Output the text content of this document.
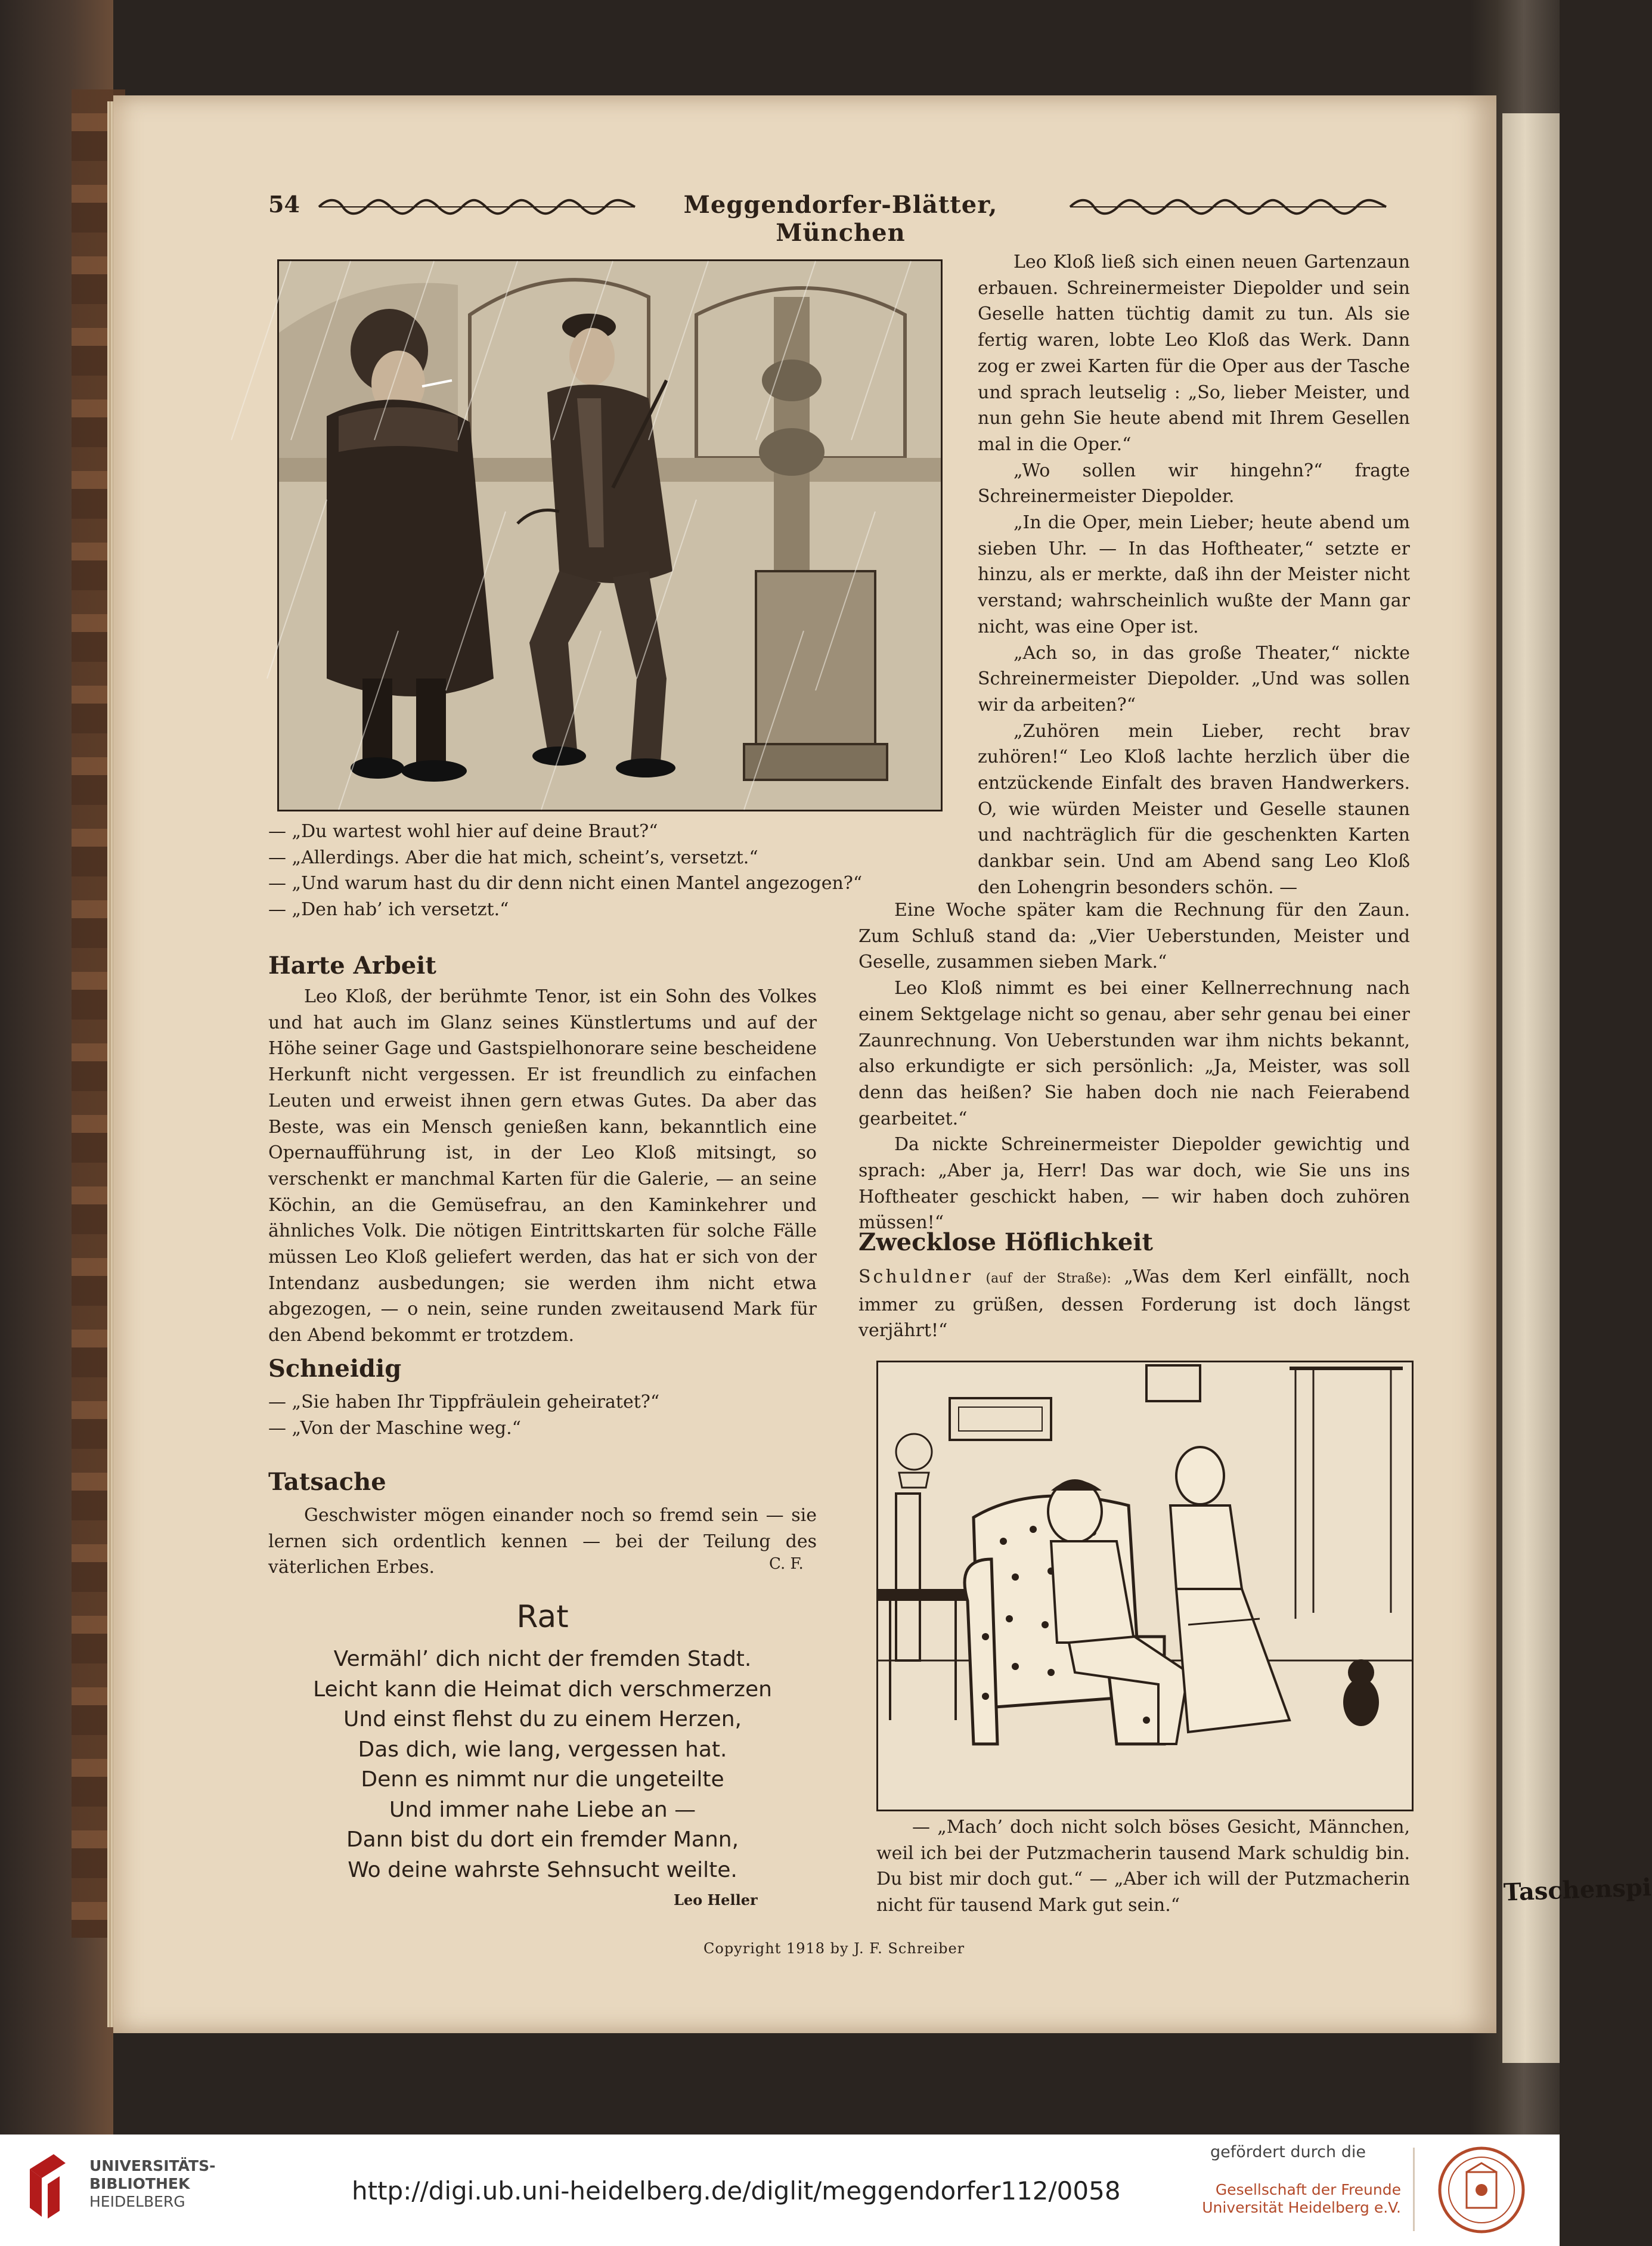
Taschenspi
54	Meggendorfer-Blätter, München
— „Du wartest wohl hier auf deine Braut?“
— „Allerdings. Aber die hat mich, scheint’s, versetzt.“
— „Und warum hast du dir denn nicht einen Mantel angezogen?“
— „Den hab’ ich versetzt.“
Harte Arbeit

Leo Kloß, der berühmte Tenor, ist ein Sohn des Volkes und hat auch im Glanz seines Künstlertums und auf der Höhe seiner Gage und Gastspielhonorare seine bescheidene Herkunft nicht vergessen. Er ist freundlich zu einfachen Leuten und erweist ihnen gern etwas Gutes. Da aber das Beste, was ein Mensch genießen kann, bekanntlich eine Opernaufführung ist, in der Leo Kloß mitsingt, so verschenkt er manchmal Karten für die Galerie, — an seine Köchin, an die Gemüsefrau, an den Kaminkehrer und ähnliches Volk. Die nötigen Eintrittskarten für solche Fälle müssen Leo Kloß geliefert werden, das hat er sich von der Intendanz ausbedungen; sie werden ihm nicht etwa abgezogen, — o nein, seine runden zweitausend Mark für den Abend bekommt er trotzdem.

Leo Kloß ließ sich einen neuen Gartenzaun erbauen. Schreinermeister Diepolder und sein Geselle hatten tüchtig damit zu tun. Als sie fertig waren, lobte Leo Kloß das Werk. Dann zog er zwei Karten für die Oper aus der Tasche und sprach leutselig : „So, lieber Meister, und nun gehn Sie heute abend mit Ihrem Gesellen mal in die Oper.“

„Wo sollen wir hingehn?“ fragte Schreinermeister Diepolder.

„In die Oper, mein Lieber; heute abend um sieben Uhr. — In das Hoftheater,“ setzte er hinzu, als er merkte, daß ihn der Meister nicht verstand; wahrscheinlich wußte der Mann gar nicht, was eine Oper ist.

„Ach so, in das große Theater,“ nickte Schreinermeister Diepolder. „Und was sollen wir da arbeiten?“

„Zuhören mein Lieber, recht brav zuhören!“ Leo Kloß lachte herzlich über die entzückende Einfalt des braven Handwerkers. O, wie würden Meister und Geselle staunen und nachträglich für die geschenkten Karten dankbar sein. Und am Abend sang Leo Kloß den Lohengrin besonders schön. —

Eine Woche später kam die Rechnung für den Zaun. Zum Schluß stand da: „Vier Ueberstunden, Meister und Geselle, zusammen sieben Mark.“

Leo Kloß nimmt es bei einer Kellnerrechnung nach einem Sektgelage nicht so genau, aber sehr genau bei einer Zaunrechnung. Von Ueberstunden war ihm nichts bekannt, also erkundigte er sich persönlich: „Ja, Meister, was soll denn das heißen? Sie haben doch nie nach Feierabend gearbeitet.“

Da nickte Schreinermeister Diepolder gewichtig und sprach: „Aber ja, Herr! Das war doch, wie Sie uns ins Hoftheater geschickt haben, — wir haben doch zuhören müssen!“

Zwecklose Höflichkeit

Schuldner (auf der Straße): „Was dem Kerl einfällt, noch immer zu grüßen, dessen Forderung ist doch längst verjährt!“

Schneidig
— „Sie haben Ihr Tippfräulein geheiratet?“
— „Von der Maschine weg.“
Tatsache

Geschwister mögen einander noch so fremd sein — sie lernen sich ordentlich kennen — bei der Teilung des väterlichen Erbes.	C. F.
Rat
Vermähl’ dich nicht der fremden Stadt.
Leicht kann die Heimat dich verschmerzen
Und einst flehst du zu einem Herzen,
Das dich, wie lang, vergessen hat.
Denn es nimmt nur die ungeteilte
Und immer nahe Liebe an —
Dann bist du dort ein fremder Mann,
Wo deine wahrste Sehnsucht weilte.
Leo Heller

— „Mach’ doch nicht solch böses Gesicht, Männchen, weil ich bei der Putzmacherin tausend Mark schuldig bin. Du bist mir doch gut.“ — „Aber ich will der Putzmacherin nicht für tausend Mark gut sein.“

Copyright 1918 by J. F. Schreiber
UNIVERSITÄTS-
BIBLIOTHEK
HEIDELBERG	http://digi.ub.uni-heidelberg.de/diglit/meggendorfer112/0058
gefördert durch die
Gesellschaft der Freunde
Universität Heidelberg e.V.
